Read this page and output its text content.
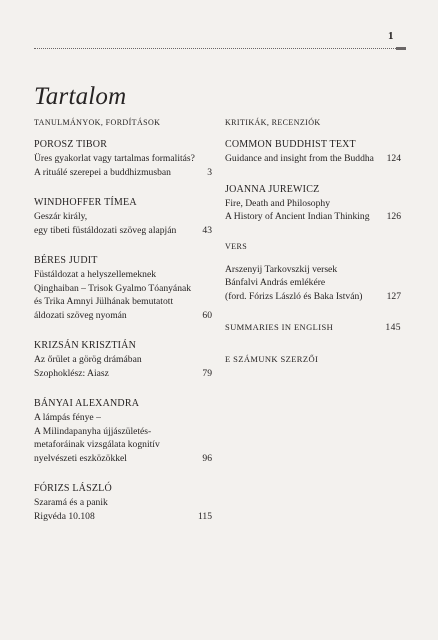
1
Tartalom
TANULMÁNYOK, FORDÍTÁSOK
POROSZ TIBOR
Üres gyakorlat vagy tartalmas formalitás?
A rituálé szerepei a buddhizmusban	3
WINDHOFFER TÍMEA
Geszár király,
egy tibeti füstáldozati szöveg alapján	43
BÉRES JUDIT
Füstáldozat a helyszellemeknek
Qinghaiban – Trisok Gyalmo Tóanyának
és Trika Amnyi Jülhának bemutatott
áldozati szöveg nyomán	60
KRIZSÁN KRISZTIÁN
Az őrület a görög drámában
Szophoklész: Aiasz	79
BÁNYAI ALEXANDRA
A lámpás fénye –
A Milindapanyha újjászületés-
metaforáinak vizsgálata kognitív
nyelvészeti eszközökkel	96
FÓRIZS LÁSZLÓ
Szaramá és a panik
Rigvéda 10.108	115
KRITIKÁK, RECENZIÓK
COMMON BUDDHIST TEXT
Guidance and insight from the Buddha	124
JOANNA JUREWICZ
Fire, Death and Philosophy
A History of Ancient Indian Thinking	126
VERS
Arszenyij Tarkovszkij versek
Bánfalvi András emlékére
(ford. Fórizs László és Baka István)	127
SUMMARIES IN ENGLISH	145
E SZÁMUNK SZERZŐI
